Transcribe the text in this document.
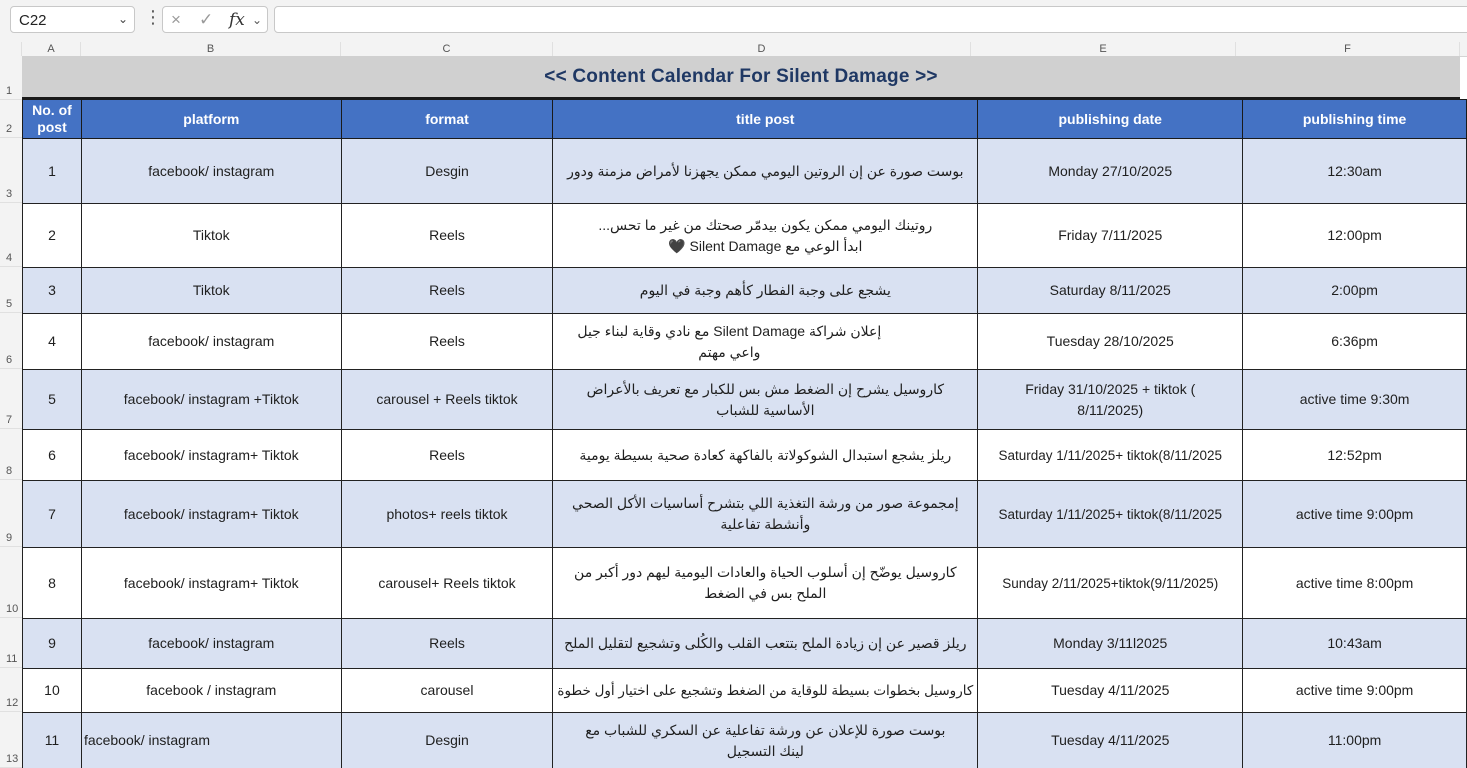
C22	⌄ ⋮ × ✓ fx ⌄
A	B	C	D	E	F
1
2
3
4
5
6
7
8
9
10
11
12
13
<< Content Calendar For Silent Damage >>
No. of post	platform	format	title post	publishing date	publishing time
1	facebook/ instagram	Desgin	بوست صورة عن إن الروتين اليومي ممكن يجهزنا لأمراض مزمنة ودور	Monday 27/10/2025	12:30am
2	Tiktok	Reels	روتينك اليومي ممكن يكون بيدمّر صحتك من غير ما تحس...
ابدأ الوعي مع Silent Damage 🖤	Friday 7/11/2025	12:00pm
3	Tiktok	Reels	يشجع على وجبة الفطار كأهم وجبة في اليوم	Saturday 8/11/2025	2:00pm
4	facebook/ instagram	Reels	إعلان شراكة Silent Damage مع نادي وقاية لبناء جيل واعي مهتم	Tuesday 28/10/2025	6:36pm
5	facebook/ instagram +Tiktok	carousel + Reels tiktok	كاروسيل يشرح إن الضغط مش بس للكبار مع تعريف بالأعراض الأساسية للشباب	Friday 31/10/2025 + tiktok ( 8/11/2025)	active time 9:30m
6	facebook/ instagram+ Tiktok	Reels	ريلز يشجع استبدال الشوكولاتة بالفاكهة كعادة صحية بسيطة يومية	Saturday 1/11/2025+ tiktok(8/11/2025	12:52pm
7	facebook/ instagram+ Tiktok	photos+ reels tiktok	إمجموعة صور من ورشة التغذية اللي بتشرح أساسيات الأكل الصحي وأنشطة تفاعلية	Saturday 1/11/2025+ tiktok(8/11/2025	active time 9:00pm
8	facebook/ instagram+ Tiktok	carousel+ Reels tiktok	كاروسيل يوضّح إن أسلوب الحياة والعادات اليومية ليهم دور أكبر من الملح بس في الضغط	Sunday 2/11/2025+tiktok(9/11/2025)	active time 8:00pm
9	facebook/ instagram	Reels	ريلز قصير عن إن زيادة الملح بتتعب القلب والكُلى وتشجيع لتقليل الملح	Monday 3/11l2025	10:43am
10	facebook / instagram	carousel	كاروسيل بخطوات بسيطة للوقاية من الضغط وتشجيع على اختيار أول خطوة	Tuesday 4/11/2025	active time 9:00pm
11	facebook/ instagram	Desgin	بوست صورة للإعلان عن ورشة تفاعلية عن السكري للشباب مع لينك التسجيل	Tuesday 4/11/2025	11:00pm
